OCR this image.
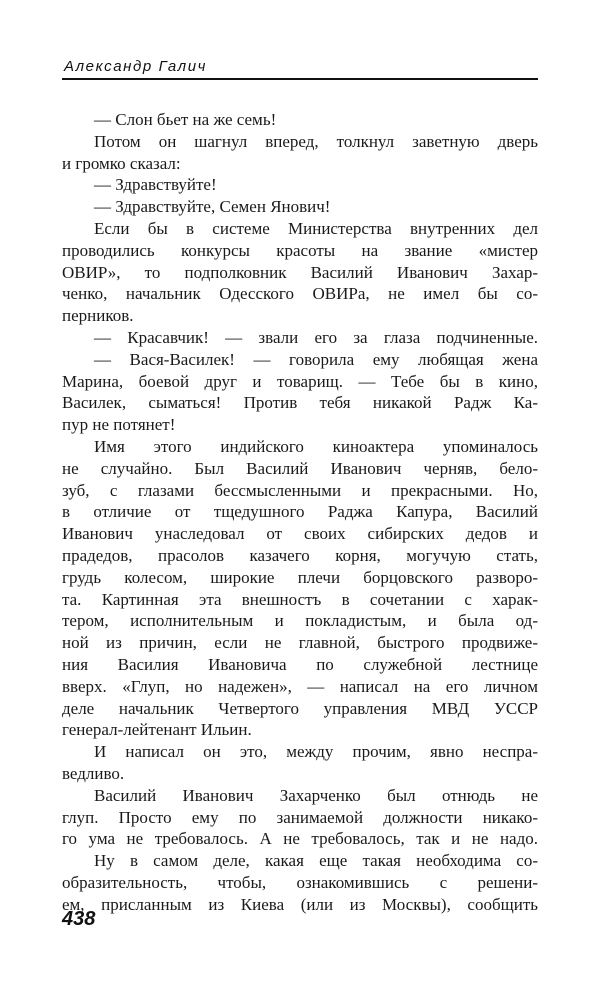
Александр Галич
— Слон бьет на же семь!
Потом он шагнул вперед, толкнул заветную дверь
и громко сказал:
— Здравствуйте!
— Здравствуйте, Семен Янович!
Если бы в системе Министерства внутренних дел
проводились конкурсы красоты на звание «мистер
ОВИР», то подполковник Василий Иванович Захар-
ченко, начальник Одесского ОВИРа, не имел бы со-
перников.
— Красавчик! — звали его за глаза подчиненные.
— Вася-Василек! — говорила ему любящая жена
Марина, боевой друг и товарищ. — Тебе бы в кино,
Василек, сыматься! Против тебя никакой Радж Ка-
пур не потянет!
Имя этого индийского киноактера упоминалось
не случайно. Был Василий Иванович черняв, бело-
зуб, с глазами бессмысленными и прекрасными. Но,
в отличие от тщедушного Раджа Капура, Василий
Иванович унаследовал от своих сибирских дедов и
прадедов, прасолов казачего корня, могучую стать,
грудь колесом, широкие плечи борцовского разворо-
та. Картинная эта внешностъ в сочетании с харак-
тером, исполнительным и покладистым, и была од-
ной из причин, если не главной, быстрого продвиже-
ния Василия Ивановича по служебной лестнице
вверх. «Глуп, но надежен», — написал на его личном
деле начальник Четвертого управления МВД УССР
генерал-лейтенант Ильин.
И написал он это, между прочим, явно неспра-
ведливо.
Василий Иванович Захарченко был отнюдь не
глуп. Просто ему по занимаемой должности никако-
го ума не требовалось. А не требовалось, так и не надо.
Ну в самом деле, какая еще такая необходима со-
образительность, чтобы, ознакомившись с решени-
ем, присланным из Киева (или из Москвы), сообщить
438
